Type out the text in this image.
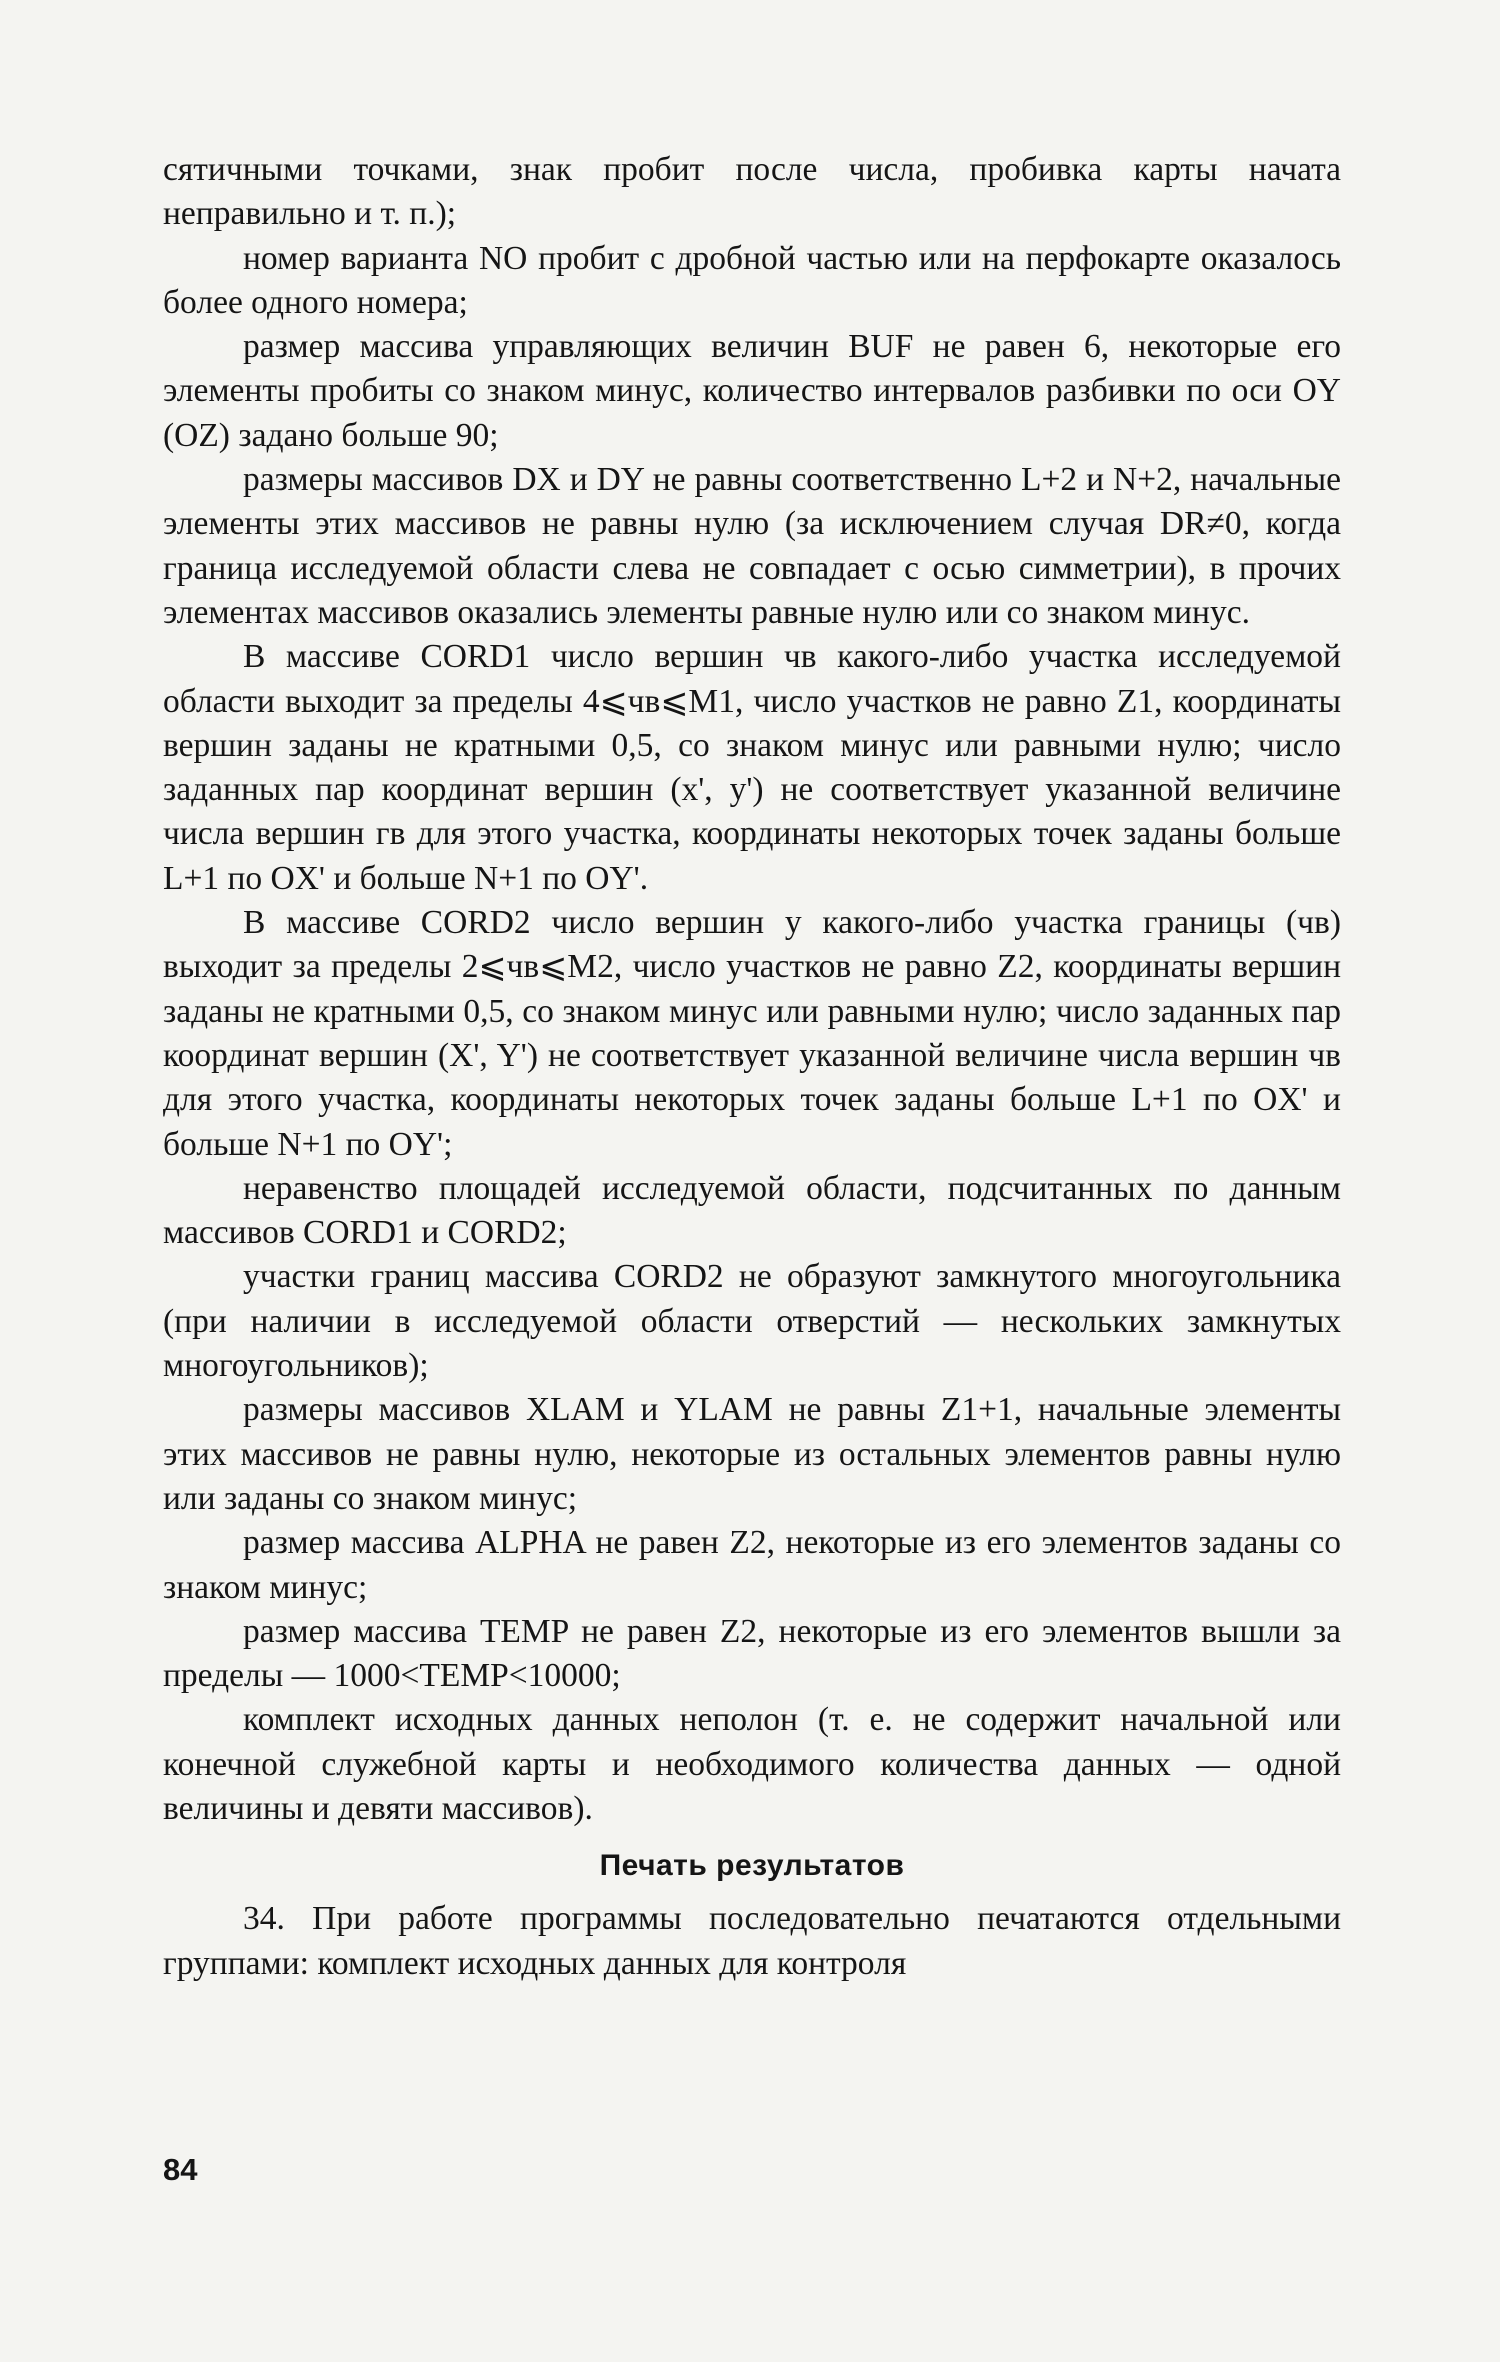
сятичными точками, знак пробит после числа, пробивка карты начата неправильно и т. п.);

номер варианта NO пробит с дробной частью или на перфокарте оказалось более одного номера;

размер массива управляющих величин BUF не равен 6, некоторые его элементы пробиты со знаком минус, количество интервалов разбивки по оси OY (OZ) задано больше 90;

размеры массивов DX и DY не равны соответственно L+2 и N+2, начальные элементы этих массивов не равны нулю (за исключением случая DR≠0, когда граница исследуемой области слева не совпадает с осью симметрии), в прочих элементах массивов оказались элементы равные нулю или со знаком минус.

В массиве CORD1 число вершин чв какого-либо участка исследуемой области выходит за пределы 4⩽чв⩽M1, число участков не равно Z1, координаты вершин заданы не кратными 0,5, со знаком минус или равными нулю; число заданных пар координат вершин (x', y') не соответствует указанной величине числа вершин гв для этого участка, координаты некоторых точек заданы больше L+1 по OX' и больше N+1 по OY'.

В массиве CORD2 число вершин у какого-либо участка границы (чв) выходит за пределы 2⩽чв⩽M2, число участков не равно Z2, координаты вершин заданы не кратными 0,5, со знаком минус или равными нулю; число заданных пар координат вершин (X', Y') не соответствует указанной величине числа вершин чв для этого участка, координаты некоторых точек заданы больше L+1 по OX' и больше N+1 по OY';

неравенство площадей исследуемой области, подсчитанных по данным массивов CORD1 и CORD2;

участки границ массива CORD2 не образуют замкнутого многоугольника (при наличии в исследуемой области отверстий — нескольких замкнутых многоугольников);

размеры массивов XLAM и YLAM не равны Z1+1, начальные элементы этих массивов не равны нулю, некоторые из остальных элементов равны нулю или заданы со знаком минус;

размер массива ALPHA не равен Z2, некоторые из его элементов заданы со знаком минус;

размер массива TEMP не равен Z2, некоторые из его элементов вышли за пределы — 1000<TEMP<10000;

комплект исходных данных неполон (т. е. не содержит начальной или конечной служебной карты и необходимого количества данных — одной величины и девяти массивов).

Печать результатов

34. При работе программы последовательно печатаются отдельными группами: комплект исходных данных для контроля

84
